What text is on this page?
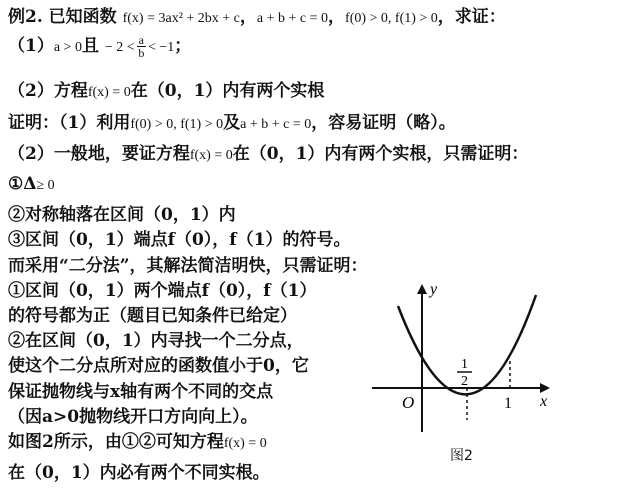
例2. 已知函数 f(x) = 3ax² + 2bx + c，a + b + c = 0，f(0) > 0, f(1) > 0，求证：
（1）a > 0且 − $2 < \frac{a}{b} < -1$；
（2）方程f(x) = 0在（0，1）内有两个实根
证明：（1）利用f(0) > 0, f(1) > 0及a + b + c = 0，容易证明（略）。
（2）一般地，要证方程f(x) = 0在（0，1）内有两个实根，只需证明：
①Δ≥ 0
②对称轴落在区间（0，1）内
③区间（0，1）端点f（0），f（1）的符号。
而采用“二分法”，其解法简洁明快，只需证明：
①区间（0，1）两个端点f（0），f（1）
的符号都为正（题目已知条件已给定）
②在区间（0，1）内寻找一个二分点，
使这个二分点所对应的函数值小于0，它
保证抛物线与x轴有两个不同的交点
（因a>0抛物线开口方向向上）。
如图2所示，由①②可知方程f(x) = 0
在（0，1）内必有两个不同实根。
y
x
O
1
2
1
图2
